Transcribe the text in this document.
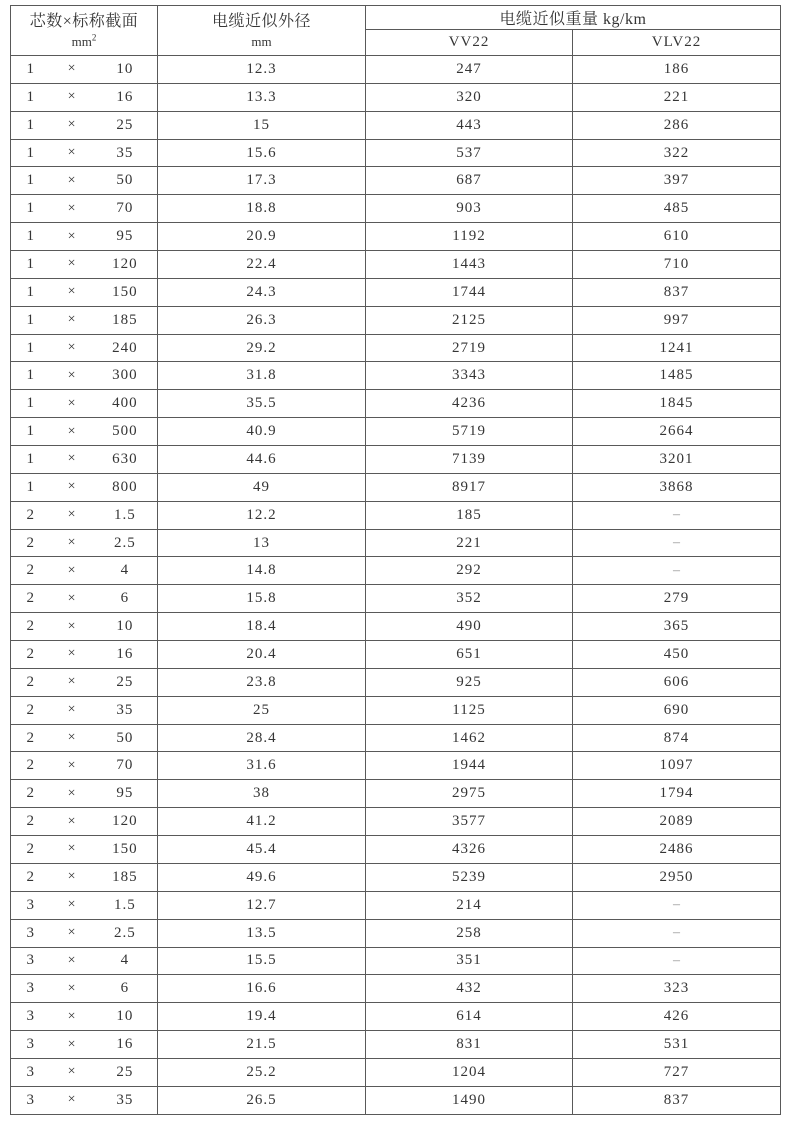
芯数×标称截面
$mm^2$

电缆近似外径
mm
	电缆近似重量 kg/km
		VV22	VLV22

1 × 10	12.3	247	186

1 × 16	13.3	320	221

1 × 25	15	443	286

1 × 35	15.6	537	322

1 × 50	17.3	687	397

1 × 70	18.8	903	485

1 × 95	20.9	1192	610

1 × 120	22.4	1443	710

1 × 150	24.3	1744	837

1 × 185	26.3	2125	997

1 × 240	29.2	2719	1241

1 × 300	31.8	3343	1485

1 × 400	35.5	4236	1845

1 × 500	40.9	5719	2664

1 × 630	44.6	7139	3201

1 × 800	49	8917	3868

2 × 1.5	12.2	185	–

2 × 2.5	13	221	–

2 × 4	14.8	292	–

2 × 6	15.8	352	279

2 × 10	18.4	490	365

2 × 16	20.4	651	450

2 × 25	23.8	925	606

2 × 35	25	1125	690

2 × 50	28.4	1462	874

2 × 70	31.6	1944	1097

2 × 95	38	2975	1794

2 × 120	41.2	3577	2089

2 × 150	45.4	4326	2486

2 × 185	49.6	5239	2950

3 × 1.5	12.7	214	–

3 × 2.5	13.5	258	–

3 × 4	15.5	351	–

3 × 6	16.6	432	323

3 × 10	19.4	614	426

3 × 16	21.5	831	531

3 × 25	25.2	1204	727

3 × 35	26.5	1490	837
